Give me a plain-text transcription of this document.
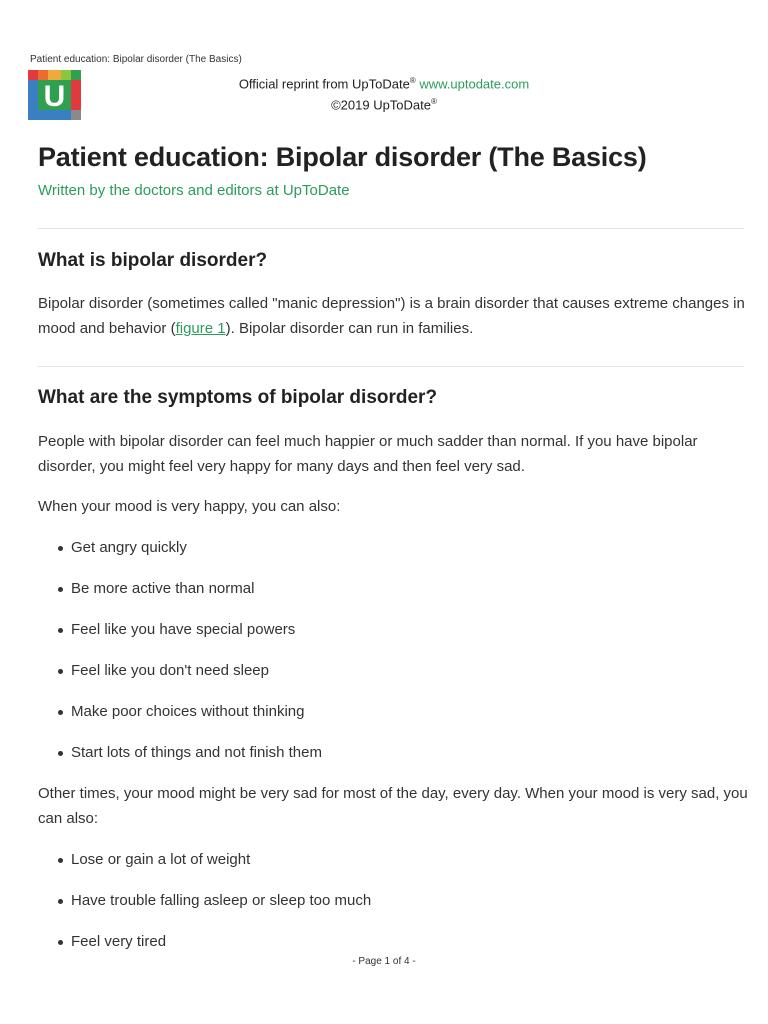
Patient education: Bipolar disorder (The Basics)
U	Official reprint from UpToDate® www.uptodate.com
©2019 UpToDate®
Patient education: Bipolar disorder (The Basics)

Written by the doctors and editors at UpToDate

What is bipolar disorder?

Bipolar disorder (sometimes called "manic depression") is a brain disorder that causes extreme changes in mood and behavior (figure 1). Bipolar disorder can run in families.

What are the symptoms of bipolar disorder?

People with bipolar disorder can feel much happier or much sadder than normal. If you have bipolar disorder, you might feel very happy for many days and then feel very sad.

When your mood is very happy, you can also:

Get angry quickly
Be more active than normal
Feel like you have special powers
Feel like you don't need sleep
Make poor choices without thinking
Start lots of things and not finish them

Other times, your mood might be very sad for most of the day, every day. When your mood is very sad, you can also:

Lose or gain a lot of weight
Have trouble falling asleep or sleep too much
Feel very tired
- Page 1 of 4 -
